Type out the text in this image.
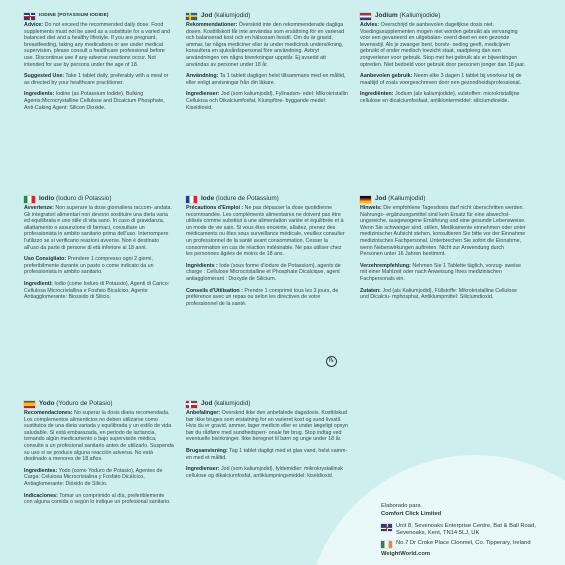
IODINE (POTASSIUM IODIDE)
Advice: Do not exceed the recommended daily dose. Food supplements must not be used as a substitute for a varied and balanced diet and a healthy lifestyle. If you are pregnant, breastfeeding, taking any medications or are under medical supervision, please consult a healthcare professional before use. Discontinue use if any adverse reactions occur. Not intended for use by persons under the age of 18.
Suggested Use: Take 1 tablet daily, preferably with a meal or as directed by your healthcare practitioner.
Ingredients: Iodine (as Potassium Iodide), Bulking Agents:Microcrystalline Cellulose and Dicalcium Phosphate, Anti-Caking Agent: Silicon Dioxide.
Jod (kaliumjodid)
Rekommendationer: Överskrid inte den rekommenderade dagliga dosen. Kosttillskott får inte användas som ersättning för en varierad och balanserad kost och en hälsosam livsstil. Om du är gravid, ammar, tar några mediciner eller är under medicinsk undersökning, konsultera en sjukvårdspersonal före användning. Avbryt användningen om några biverkningar uppstår. Ej avsedd att användas av personer under 18 år.
Användning: Ta 1 tablett dagligen helst tillsammans med en måltid, eller enligt anvisningar från din läkare.
Ingredienser: Jod (som kaliumjodid), Fyllnadsm- edel: Mikrokristallin Cellulosa och Dikalciumfosfat, Klumpföre- byggande medel: Kiseldioxid.
Jodium (Kaliumjodide)
Advies: Overschrijd de aanbevolen dagelijkse dosis niet. Voedingssupplementen mogen niet worden gebruikt als vervanging voor een gevarieerd en uitgebalan- ceerd dieet en een gezonde levensstijl. Als je zwanger bent, borstv- oeding geeft, medicijnen gebruikt of onder medisch toezicht staat, raadpleeg dan een zorgverlener voor gebruik. Stop met het gebruik als er bijwerkingen optreden. Niet bedoeld voor gebruik door personen jonger dan 18 jaar.
Aanbevolen gebruik: Neem elke 3 dagen 1 tablet bij voorkeur bij de maaltijd of zoals voorgeschreven door een gezondheidsprofessional.
Ingrediënten: Jodium (als kaliumjodide), vulstoffen: microkristallijne cellulose en dicalciumfosfaat, antiklontermiddel: siliciumdioxide.
Iodio (Ioduro di Potassio)
Avvertenze: Non superare la dose giornaliera raccom- andata. Gli integratori alimentari non devono sostituire una dieta varia ed equilibrata e uno stile di vita sano. In caso di gravidanza, allattamento o assunzione di farmaci, consultare un professionista in ambito sanitario prima dell'uso. Interrompere l'utilizzo se si verificano reazioni avverse. Non è destinato all'uso da parte di persone di età inferiore ai 18 anni.
Uso Consigliato: Prendere 1 compresso ogni 2 giorni, preferibilmente durante un pasto o come indicato da un professionista in ambito sanitario.
Ingredienti: Iodio (come Ioduro di Potassio), Agenti di Carico: Cellulosa Microcristallina e Fosfato Bicalcico, Agente Antiagglomerante: Biossido di Silicio.
Iode (Iodure de Potassium)
Précautions d'Emploi : Ne pas dépasser la dose quotidienne recommandée. Les compléments alimentaires ne doivent pas être utilisés comme substitut à une alimentation variée et équilibrée et à un mode de vie sain. Si vous êtes enceinte, allaitez, prenez des médicaments ou êtes sous surveillance médicale, veuillez consulter un professionnel de la santé avant consommation. Cesser la consommation en cas de réaction indésirable. Ne pas utiliser chez les personnes âgées de moins de 18 ans.
Ingrédients : Iode (sous forme d'iodure de Potassium), agents de charge : Cellulose Microcristalline et Phosphate Dicalcique, agent antiagglomérant : Dioxyde de Silicium.
Conseils d'Utilisation : Prendre 1 comprimé tous les 3 jours, de préférence avec un repas ou selon les directives de votre professionnel de la santé.
℞
Jod (Kaliumjodid)
Hinweis: Die empfohlene Tagesdosis darf nicht überschritten werden. Nahrungs- ergänzungsmittel sind kein Ersatz für eine abwechsl- ungsreiche, ausgewogene Ernährung und eine gesunde Lebensweise. Wenn Sie schwanger sind, stillen, Medikamente einnehmen oder unter medizinischer Aufsicht stehen, konsultieren Sie bitte vor der Einnahme medizinisches Fachpersonal. Unterbrechen Sie sofort die Einnahme, wenn Nebenwirkungen auftreten. Nicht zur Anwendung durch Personen unter 16 Jahren bestimmt.
Verzehrempfehlung: Nehmen Sie 1 Tablette täglich, vorzug- sweise mit einer Mahlzeit oder nach Anweisung Ihres medizinischen Fachpersonals ein.
Zutaten: Jod (als Kaliumjodid), Füllstoffe: Mikrokristalline Cellulose und Dicalciu- mphosphat, Antiklumpmittel: Siliciumdioxid.
Yodo (Yoduro de Potasio)
Recomendaciones: No superar la dosis diaria recomendada. Los complementos alimenticios no deben utilizarse como sustitutos de una dieta variada y equilibrada y un estilo de vida saludable. Si está embarazada, en periodo de lactancia, tomando algún medicamento o bajo supervisión médica, consulte a un profesional sanitario antes de utilizarlo. Suspenda su uso si se produce alguna reacción adversa. No está destinado a menores de 18 años.
Ingredientes: Yodo (como Yoduro de Potasio), Agentes de Carga: Celulosa Microcristalina y Fosfato Dicálcico, Antiaglomerante: Dióxido de Silicio.
Indicaciones: Tomar un comprimido al día, preferiblemente con alguna comida o según lo indique un profesional sanitario.
Jod (kaliumjodid)
Anbefalinger: Overskrid ikke den anbefalede dagsdosis. Kosttilskud bør ikke bruges som erstatning for en varieret kost og sund livsstil. Hvis du er gravid, ammer, tager medicin eller er under lægeligt opsyn bør du rådføre med sundhedsperr- onale før brug. Stop indtag ved eventuelle bivirkninger. Ikke beregnet til børn og unge under 18 år.
Brugsanvisning: Tag 1 tablet dagligt med et glas vand, helst samm- en med et måltid.
Ingredienser: Jod (som kaliumjodid), fyldemidler: mikrokrystallinsk cellulose og dikalciumfosfat, antiklumpningsmiddel: kiseldioxid.
Elaborado para
Comfort Click Limited
Unit 8, Sevenoaks Enterprise Centre, Bat & Ball Road, Sevenoaks, Kent, TN14 5LJ, UK
No.7 Dr Croke Place Clonmel, Co. Tipperary, Ireland
WeightWorld.com
